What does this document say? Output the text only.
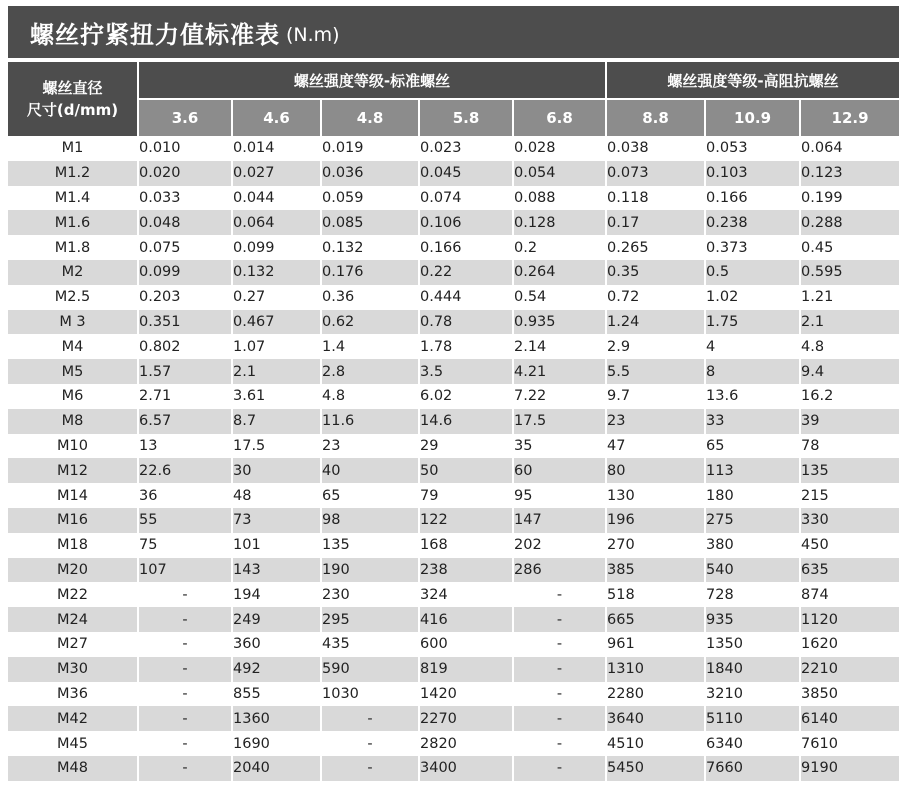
螺丝拧紧扭力值标准表 (N.m)
螺丝直径
尺寸(d/mm)	螺丝强度等级-标准螺丝					螺丝强度等级-高阻抗螺丝		
	3.6	4.6	4.8	5.8	6.8	8.8	10.9	12.9
M1	0.010	0.014	0.019	0.023	0.028	0.038	0.053	0.064
M1.2	0.020	0.027	0.036	0.045	0.054	0.073	0.103	0.123
M1.4	0.033	0.044	0.059	0.074	0.088	0.118	0.166	0.199
M1.6	0.048	0.064	0.085	0.106	0.128	0.17	0.238	0.288
M1.8	0.075	0.099	0.132	0.166	0.2	0.265	0.373	0.45
M2	0.099	0.132	0.176	0.22	0.264	0.35	0.5	0.595
M2.5	0.203	0.27	0.36	0.444	0.54	0.72	1.02	1.21
M 3	0.351	0.467	0.62	0.78	0.935	1.24	1.75	2.1
M4	0.802	1.07	1.4	1.78	2.14	2.9	4	4.8
M5	1.57	2.1	2.8	3.5	4.21	5.5	8	9.4
M6	2.71	3.61	4.8	6.02	7.22	9.7	13.6	16.2
M8	6.57	8.7	11.6	14.6	17.5	23	33	39
M10	13	17.5	23	29	35	47	65	78
M12	22.6	30	40	50	60	80	113	135
M14	36	48	65	79	95	130	180	215
M16	55	73	98	122	147	196	275	330
M18	75	101	135	168	202	270	380	450
M20	107	143	190	238	286	385	540	635
M22	-	194	230	324	-	518	728	874
M24	-	249	295	416	-	665	935	1120
M27	-	360	435	600	-	961	1350	1620
M30	-	492	590	819	-	1310	1840	2210
M36	-	855	1030	1420	-	2280	3210	3850
M42	-	1360	-	2270	-	3640	5110	6140
M45	-	1690	-	2820	-	4510	6340	7610
M48	-	2040	-	3400	-	5450	7660	9190
